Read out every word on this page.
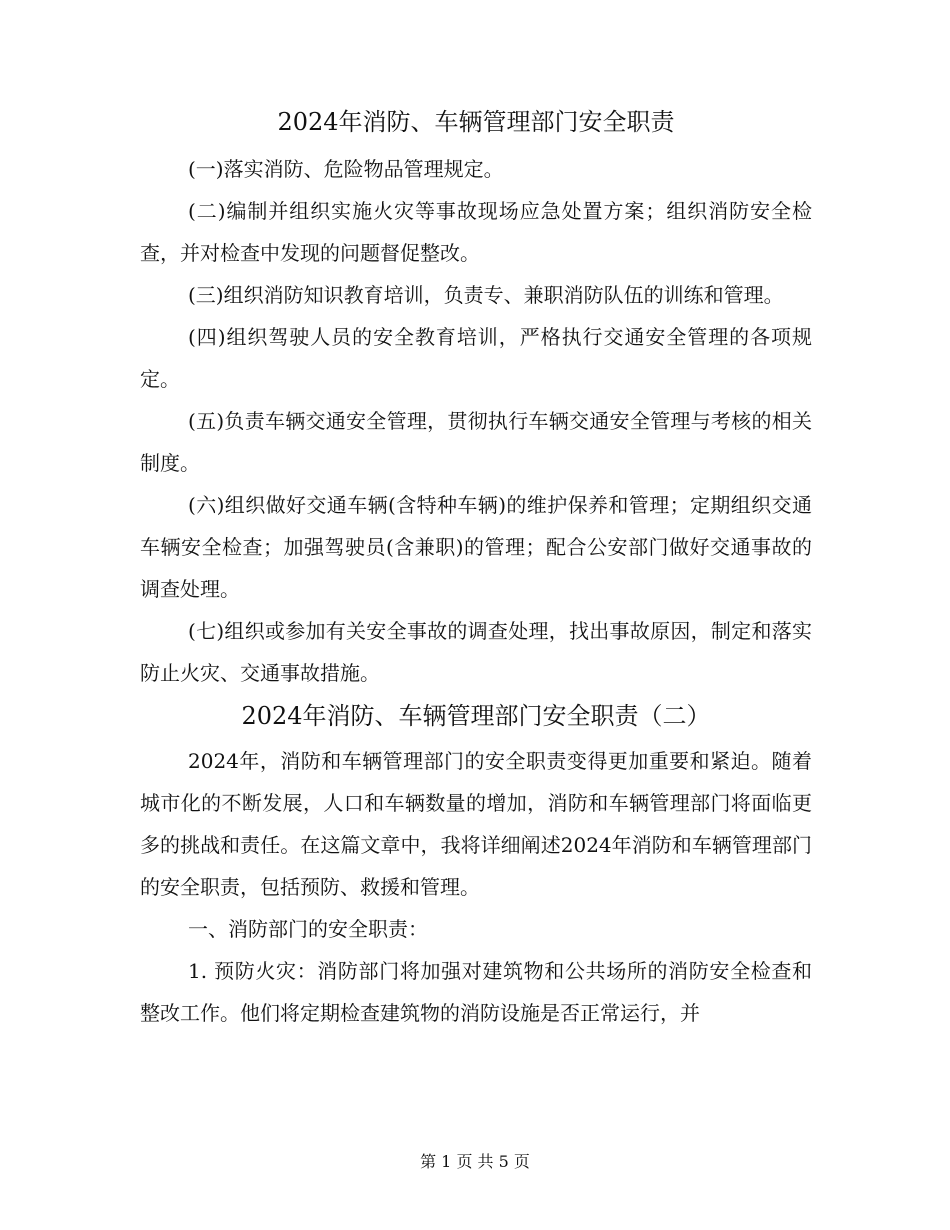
2024年消防、车辆管理部门安全职责

(一)落实消防、危险物品管理规定。

(二)编制并组织实施火灾等事故现场应急处置方案；组织消防安全检查，并对检查中发现的问题督促整改。

(三)组织消防知识教育培训，负责专、兼职消防队伍的训练和管理。

(四)组织驾驶人员的安全教育培训，严格执行交通安全管理的各项规定。

(五)负责车辆交通安全管理，贯彻执行车辆交通安全管理与考核的相关制度。

(六)组织做好交通车辆(含特种车辆)的维护保养和管理；定期组织交通车辆安全检查；加强驾驶员(含兼职)的管理；配合公安部门做好交通事故的调查处理。

(七)组织或参加有关安全事故的调查处理，找出事故原因，制定和落实防止火灾、交通事故措施。

2024年消防、车辆管理部门安全职责（二）

2024年，消防和车辆管理部门的安全职责变得更加重要和紧迫。随着城市化的不断发展，人口和车辆数量的增加，消防和车辆管理部门将面临更多的挑战和责任。在这篇文章中，我将详细阐述2024年消防和车辆管理部门的安全职责，包括预防、救援和管理。

一、消防部门的安全职责：

1. 预防火灾：消防部门将加强对建筑物和公共场所的消防安全检查和整改工作。他们将定期检查建筑物的消防设施是否正常运行，并

第 1 页 共 5 页
